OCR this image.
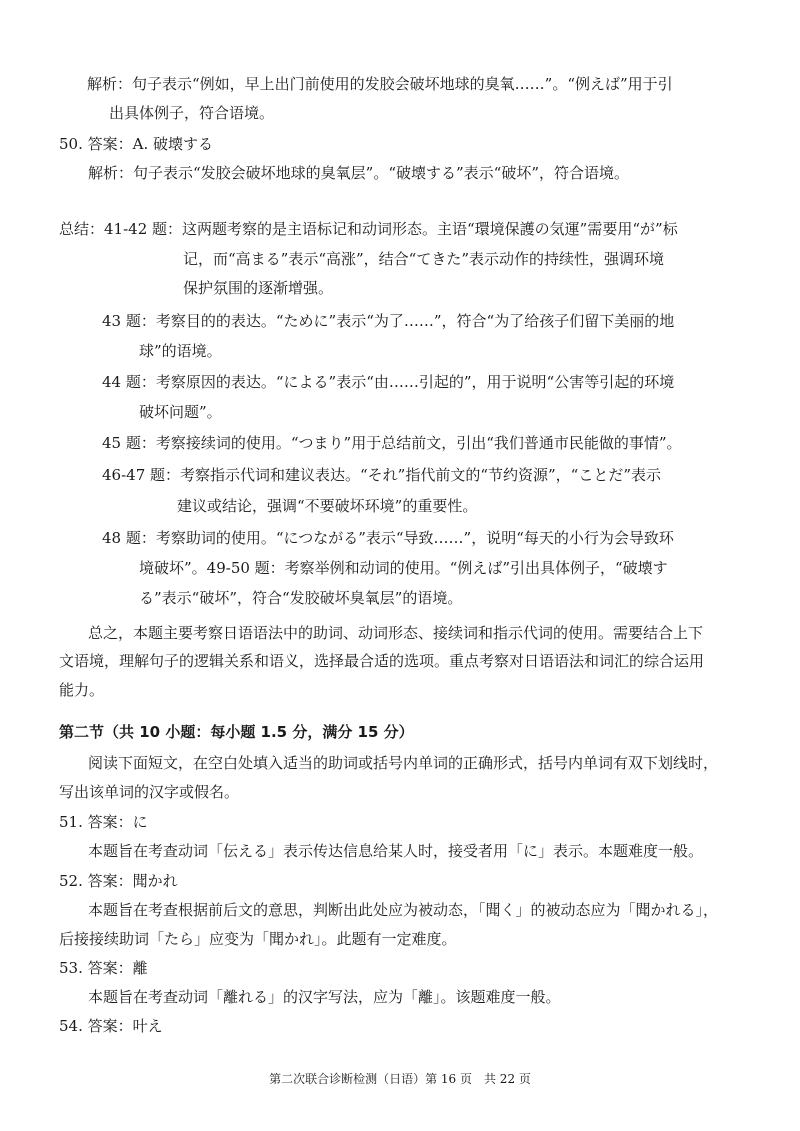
解析：句子表示“例如，早上出门前使用的发胶会破坏地球的臭氧……”。“例えば”用于引
出具体例子，符合语境。
50. 答案：A. 破壊する
解析：句子表示“发胶会破坏地球的臭氧层”。“破壊する”表示“破坏”，符合语境。
总结：41-42 题：这两题考察的是主语标记和动词形态。主语“環境保護の気運”需要用“が”标
记，而“高まる”表示“高涨”，结合“てきた”表示动作的持续性，强调环境
保护氛围的逐渐增强。
43 题：考察目的的表达。“ために”表示“为了……”，符合“为了给孩子们留下美丽的地
球”的语境。
44 题：考察原因的表达。“による”表示“由……引起的”，用于说明“公害等引起的环境
破坏问题”。
45 题：考察接续词的使用。“つまり”用于总结前文，引出“我们普通市民能做的事情”。
46-47 题：考察指示代词和建议表达。“それ”指代前文的“节约资源”，“ことだ”表示
建议或结论，强调“不要破坏环境”的重要性。
48 题：考察助词的使用。“につながる”表示“导致……”，说明“每天的小行为会导致环
境破坏”。49-50 题：考察举例和动词的使用。“例えば”引出具体例子，“破壊す
る”表示“破坏”，符合“发胶破坏臭氧层”的语境。
总之，本题主要考察日语语法中的助词、动词形态、接续词和指示代词的使用。需要结合上下
文语境，理解句子的逻辑关系和语义，选择最合适的选项。重点考察对日语语法和词汇的综合运用
能力。
第二节（共 10 小题：每小题 1.5 分，满分 15 分）
阅读下面短文，在空白处填入适当的助词或括号内单词的正确形式，括号内单词有双下划线时，
写出该单词的汉字或假名。
51. 答案：に
本题旨在考查动词「伝える」表示传达信息给某人时，接受者用「に」表示。本题难度一般。
52. 答案：聞かれ
本题旨在考查根据前后文的意思，判断出此处应为被动态，「聞く」的被动态应为「聞かれる」，
后接接续助词「たら」应变为「聞かれ」。此题有一定难度。
53. 答案：離
本题旨在考查动词「離れる」的汉字写法，应为「離」。该题难度一般。
54. 答案：叶え
第二次联合诊断检测（日语）第 16 页　共 22 页
